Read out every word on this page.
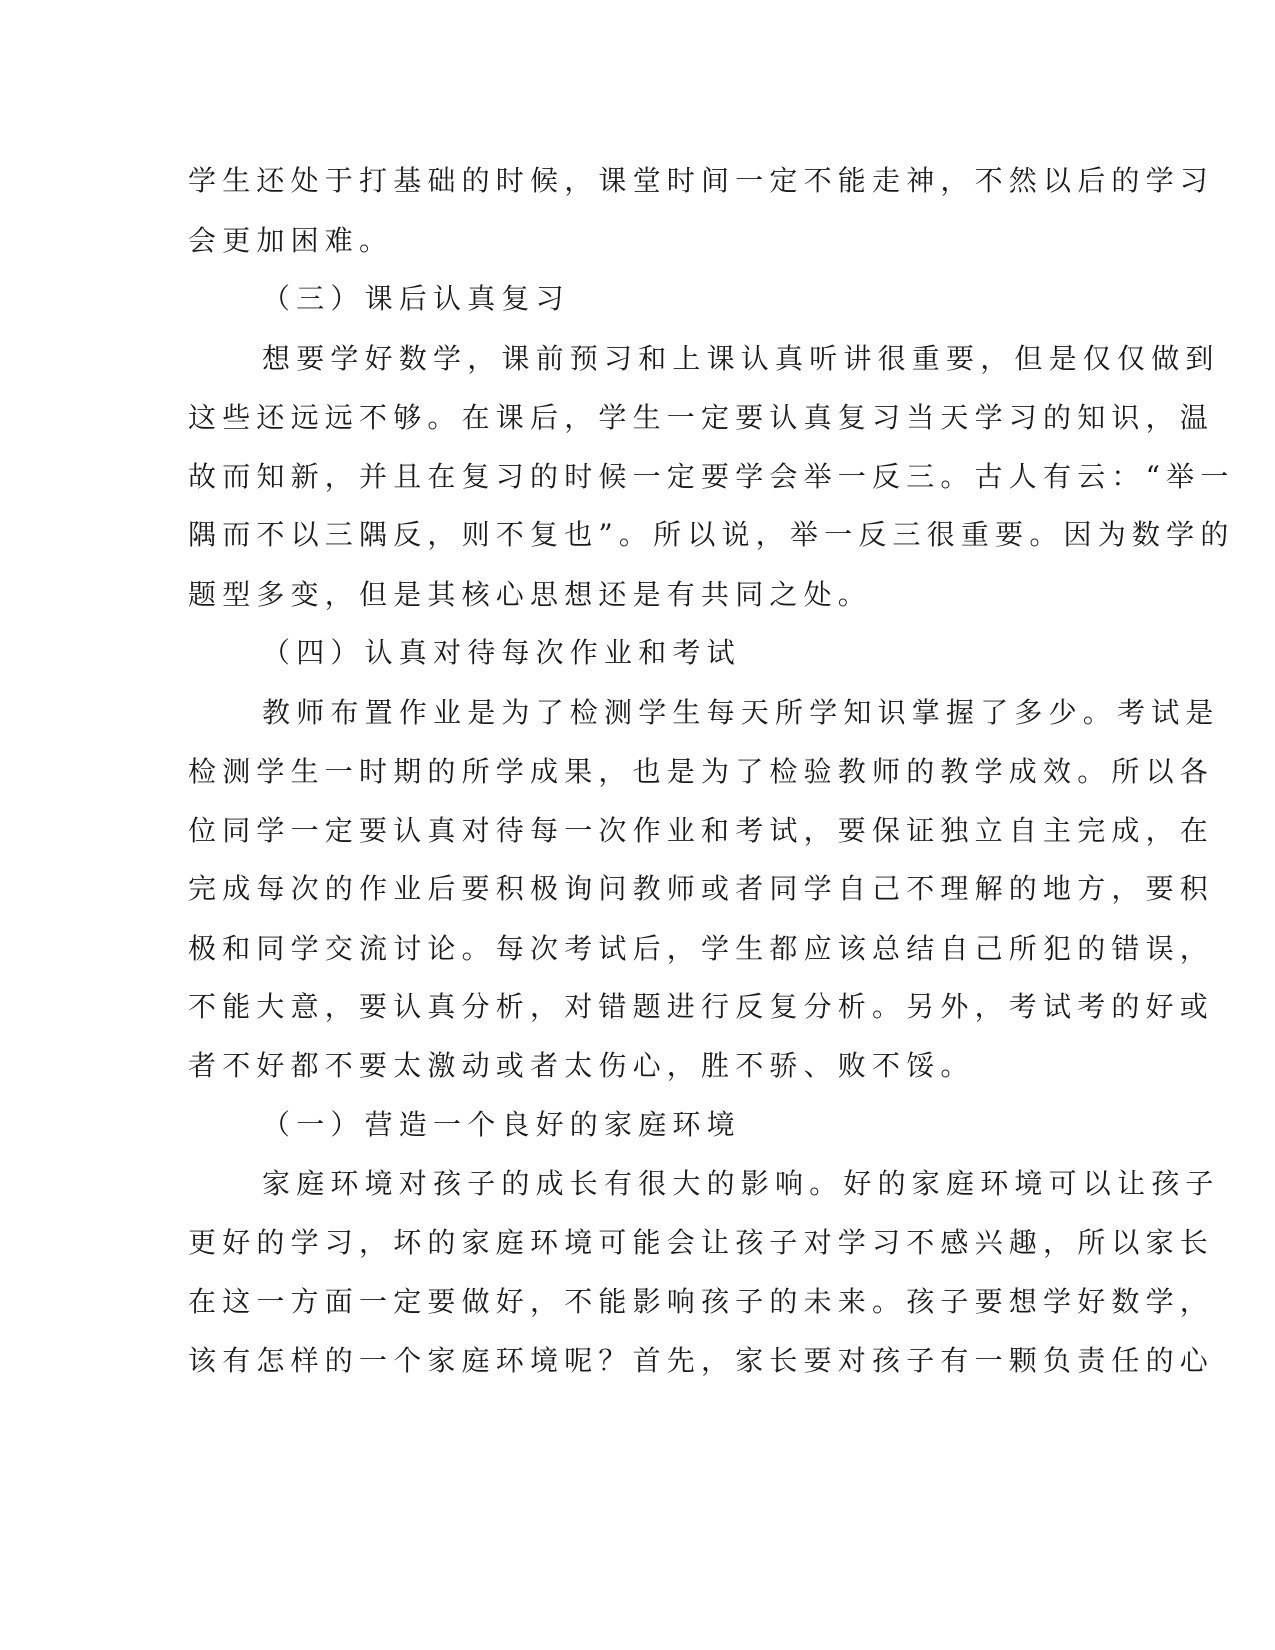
学生还处于打基础的时候，课堂时间一定不能走神，不然以后的学习
会更加困难。
（三）课后认真复习
想要学好数学，课前预习和上课认真听讲很重要，但是仅仅做到
这些还远远不够。在课后，学生一定要认真复习当天学习的知识，温
故而知新，并且在复习的时候一定要学会举一反三。古人有云：“举一
隅而不以三隅反，则不复也”。所以说，举一反三很重要。因为数学的
题型多变，但是其核心思想还是有共同之处。
（四）认真对待每次作业和考试
教师布置作业是为了检测学生每天所学知识掌握了多少。考试是
检测学生一时期的所学成果，也是为了检验教师的教学成效。所以各
位同学一定要认真对待每一次作业和考试，要保证独立自主完成，在
完成每次的作业后要积极询问教师或者同学自己不理解的地方，要积
极和同学交流讨论。每次考试后，学生都应该总结自己所犯的错误，
不能大意，要认真分析，对错题进行反复分析。另外，考试考的好或
者不好都不要太激动或者太伤心，胜不骄、败不馁。
（一）营造一个良好的家庭环境
家庭环境对孩子的成长有很大的影响。好的家庭环境可以让孩子
更好的学习，坏的家庭环境可能会让孩子对学习不感兴趣，所以家长
在这一方面一定要做好，不能影响孩子的未来。孩子要想学好数学，
该有怎样的一个家庭环境呢？首先，家长要对孩子有一颗负责任的心
